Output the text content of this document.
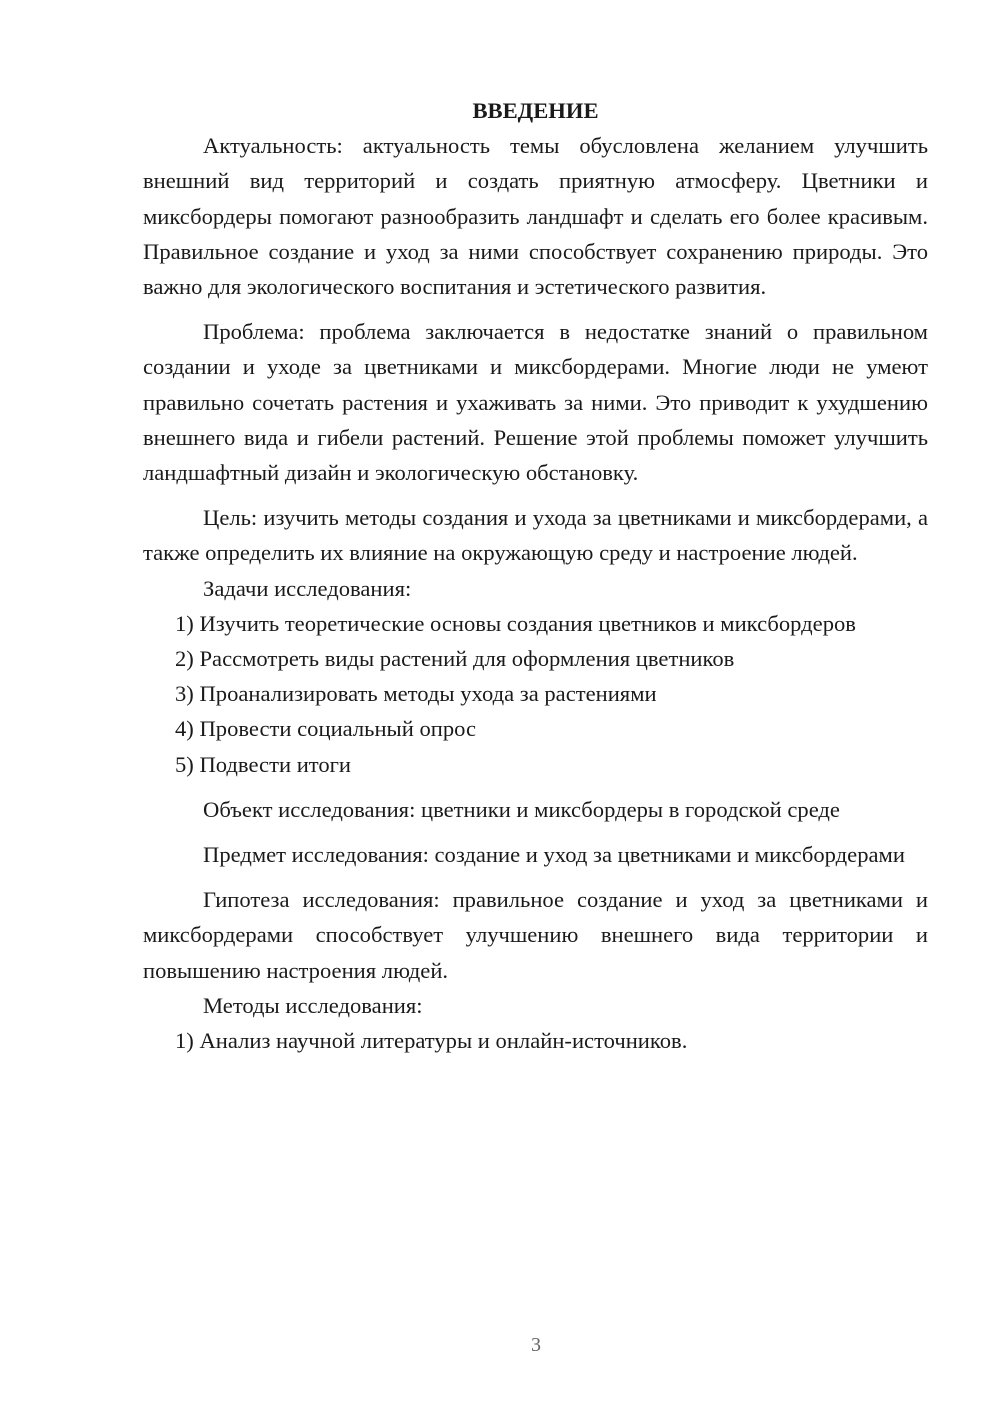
ВВЕДЕНИЕ

Актуальность: актуальность темы обусловлена желанием улучшить внешний вид территорий и создать приятную атмосферу. Цветники и миксбордеры помогают разнообразить ландшафт и сделать его более красивым. Правильное создание и уход за ними способствует сохранению природы. Это важно для экологического воспитания и эстетического развития.

Проблема: проблема заключается в недостатке знаний о правильном создании и уходе за цветниками и миксбордерами. Многие люди не умеют правильно сочетать растения и ухаживать за ними. Это приводит к ухудшению внешнего вида и гибели растений. Решение этой проблемы поможет улучшить ландшафтный дизайн и экологическую обстановку.

Цель: изучить методы создания и ухода за цветниками и миксбордерами, а также определить их влияние на окружающую среду и настроение людей.

Задачи исследования:

1) Изучить теоретические основы создания цветников и миксбордеров

2) Рассмотреть виды растений для оформления цветников

3) Проанализировать методы ухода за растениями

4) Провести социальный опрос

5) Подвести итоги

Объект исследования: цветники и миксбордеры в городской среде

Предмет исследования: создание и уход за цветниками и миксбордерами

Гипотеза исследования: правильное создание и уход за цветниками и миксбордерами способствует улучшению внешнего вида территории и повышению настроения людей.

Методы исследования:

1) Анализ научной литературы и онлайн-источников.

3
